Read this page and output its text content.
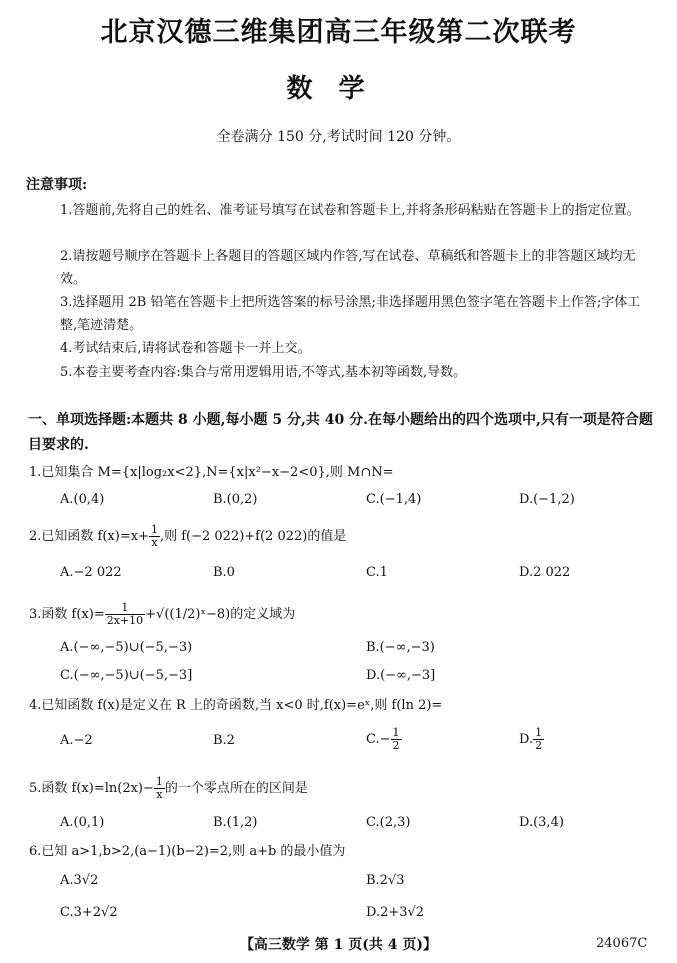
北京汉德三维集团高三年级第二次联考
数学
全卷满分 150 分,考试时间 120 分钟。
注意事项:
1.答题前,先将自己的姓名、准考证号填写在试卷和答题卡上,并将条形码粘贴在答题卡上的指定位置。
2.请按题号顺序在答题卡上各题目的答题区域内作答,写在试卷、草稿纸和答题卡上的非答题区域均无效。
3.选择题用 2B 铅笔在答题卡上把所选答案的标号涂黑;非选择题用黑色签字笔在答题卡上作答;字体工整,笔迹清楚。
4.考试结束后,请将试卷和答题卡一并上交。
5.本卷主要考查内容:集合与常用逻辑用语,不等式,基本初等函数,导数。
一、单项选择题:本题共 8 小题,每小题 5 分,共 40 分.在每小题给出的四个选项中,只有一项是符合题目要求的.
1.已知集合 M={x|log₂x<2},N={x|x²−x−2<0},则 M∩N=
A.(0,4)	B.(0,2)	C.(−1,4)	D.(−1,2)
2.已知函数 $f(x)=x+ \frac{1}{x}$ ,则 f(−2 022)+f(2 022)的值是
A.−2 022	B.0	C.1	D.2 022
3.函数 $f(x)= \frac{1}{2x+10}$ +√((1/2)ˣ−8)的定义域为
A.(−∞,−5)∪(−5,−3)	B.(−∞,−3)
C.(−∞,−5)∪(−5,−3]	D.(−∞,−3]
4.已知函数 f(x)是定义在 R 上的奇函数,当 x<0 时,f(x)=eˣ,则 f(ln 2)=
A.−2	B.2	$C.- \frac{1}{2}$	D. $\frac{1}{2}$
5.函数 $f(x)=\ln(2x)- \frac{1}{x}$ 的一个零点所在的区间是
A.(0,1)	B.(1,2)	C.(2,3)	D.(3,4)
6.已知 a>1,b>2,(a−1)(b−2)=2,则 a+b 的最小值为
A.3√2	B.2√3
C.3+2√2	D.2+3√2
【高三数学 第 1 页(共 4 页)】	24067C
